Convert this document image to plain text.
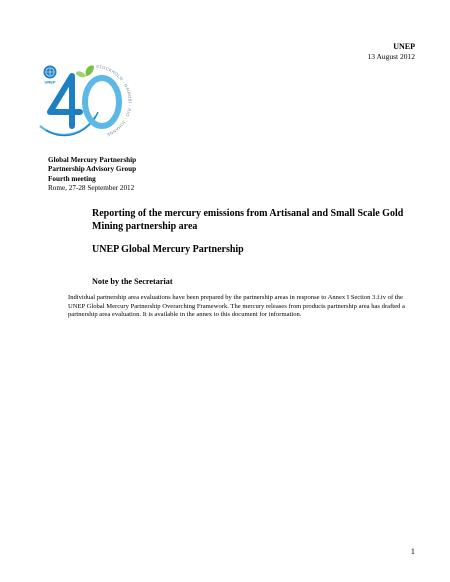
UNEP
13 August 2012
UNEP
STOCKHOLM · NAIROBI · RIO · JOHANNE
Global Mercury Partnership
Partnership Advisory Group
Fourth meeting
Rome, 27-28 September 2012
Reporting of the mercury emissions from Artisanal and Small Scale Gold Mining partnership area
UNEP Global Mercury Partnership
Note by the Secretariat
Individual partnership area evaluations have been prepared by the partnership areas in response to Annex I Section 3.f.iv of the UNEP Global Mercury Partnership Overarching Framework. The mercury releases from products partnership area has drafted a partnership area evaluation. It is available in the annex to this document for information.
1
